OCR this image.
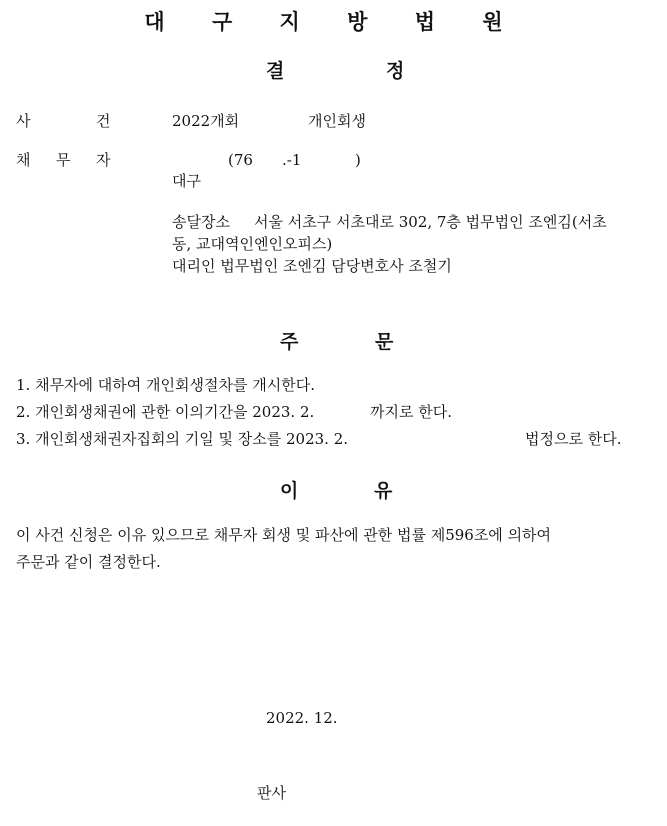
대 구 지 방 법 원
결	정
사	건	2022개회	개인회생
채 무 자	(76 .-1	)
대구
송달장소 서울 서초구 서초대로 302, 7층 법무법인 조엔김(서초
동, 교대역인엔인오피스)
대리인 법무법인 조엔김 담당변호사 조철기
주	문
1. 채무자에 대하여 개인회생절차를 개시한다.
2. 개인회생채권에 관한 이의기간을 2023. 2.	까지로 한다.
3. 개인회생채권자집회의 기일 및 장소를 2023. 2.	법정으로 한다.
이	유
이 사건 신청은 이유 있으므로 채무자 회생 및 파산에 관한 법률 제596조에 의하여
주문과 같이 결정한다.
2022. 12.
판사
